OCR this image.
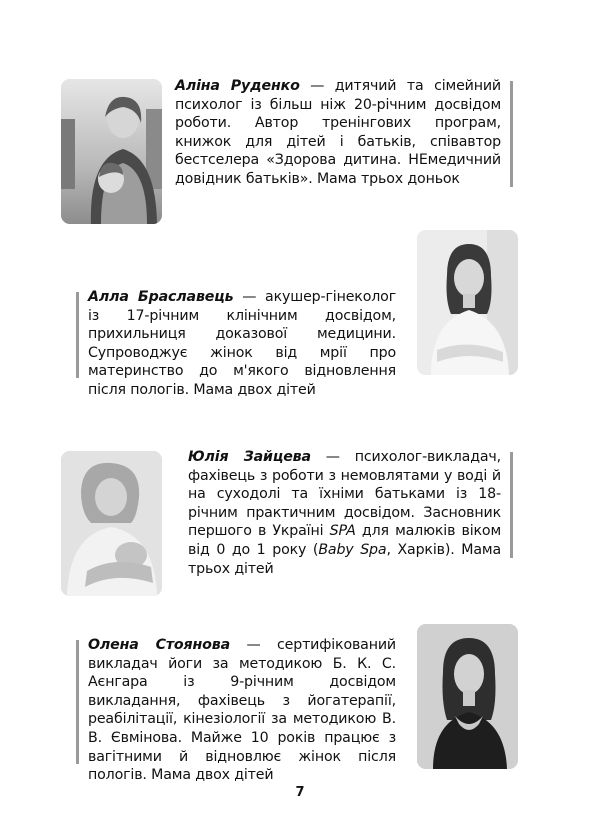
Аліна Руденко — дитячий та сімейний психолог із більш ніж 20-річним досвідом роботи. Автор тренінгових програм, книжок для дітей і батьків, співавтор бестселера «Здорова дитина. НЕмедичний довідник батьків». Мама трьох доньок

Алла Браславець — акушер-гінеколог із 17-річним клінічним досвідом, прихильниця доказової медицини. Супроводжує жінок від мрії про материнство до м'якого відновлення після пологів. Мама двох дітей

Юлія Зайцева — психолог-викладач, фахівець з роботи з немовлятами у воді й на суходолі та їхніми батьками із 18-річним практичним досвідом. Засновник першого в Україні SPA для малюків віком від 0 до 1 року (Baby Spa, Харків). Мама трьох дітей

Олена Стоянова — сертифікований викладач йоги за методикою Б. К. С. Аєнгара із 9-річним досвідом викладання, фахівець з йогатерапії, реабілітації, кінезіології за методикою В. В. Євмінова. Майже 10 років працює з вагітними й відновлює жінок після пологів. Мама двох дітей

7
